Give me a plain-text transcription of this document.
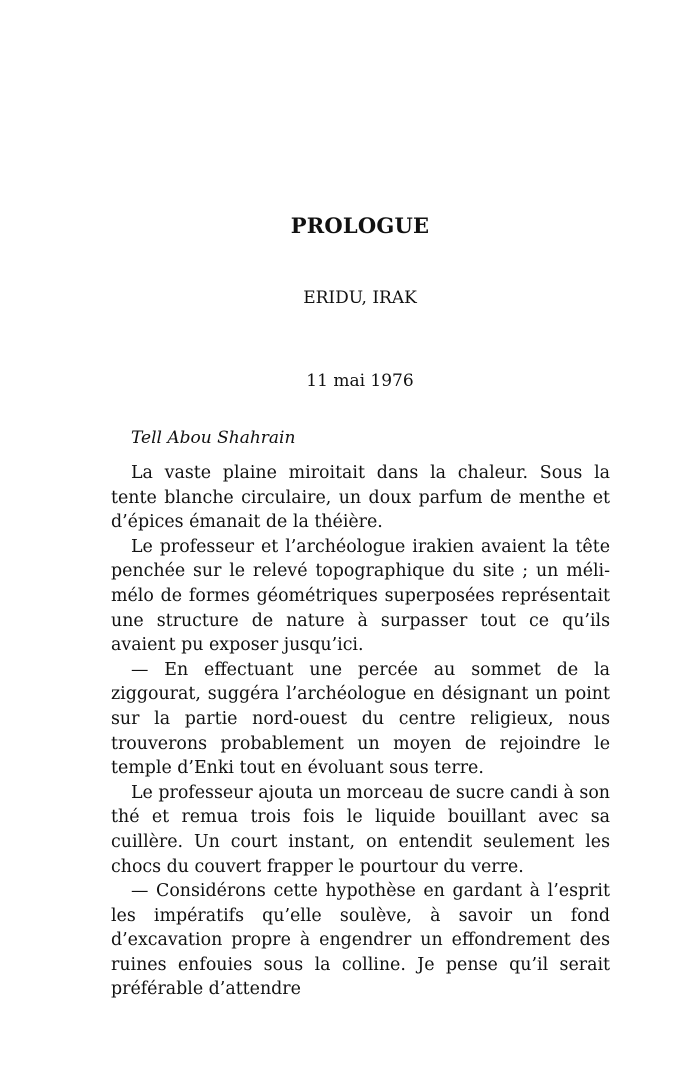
PROLOGUE
ERIDU, IRAK
11 mai 1976
Tell Abou Shahrain

La vaste plaine miroitait dans la chaleur. Sous la tente blanche circulaire, un doux parfum de menthe et d’épices émanait de la théière.

Le professeur et l’archéologue irakien avaient la tête penchée sur le relevé topographique du site ; un méli-mélo de formes géométriques superposées représentait une structure de nature à surpasser tout ce qu’ils avaient pu exposer jusqu’ici.

— En effectuant une percée au sommet de la ziggourat, suggéra l’archéologue en désignant un point sur la partie nord-ouest du centre religieux, nous trouverons probablement un moyen de rejoindre le temple d’Enki tout en évoluant sous terre.

Le professeur ajouta un morceau de sucre candi à son thé et remua trois fois le liquide bouillant avec sa cuillère. Un court instant, on entendit seulement les chocs du couvert frapper le pourtour du verre.

— Considérons cette hypothèse en gardant à l’esprit les impératifs qu’elle soulève, à savoir un fond d’excavation propre à engendrer un effondrement des ruines enfouies sous la colline. Je pense qu’il serait préférable d’attendre
